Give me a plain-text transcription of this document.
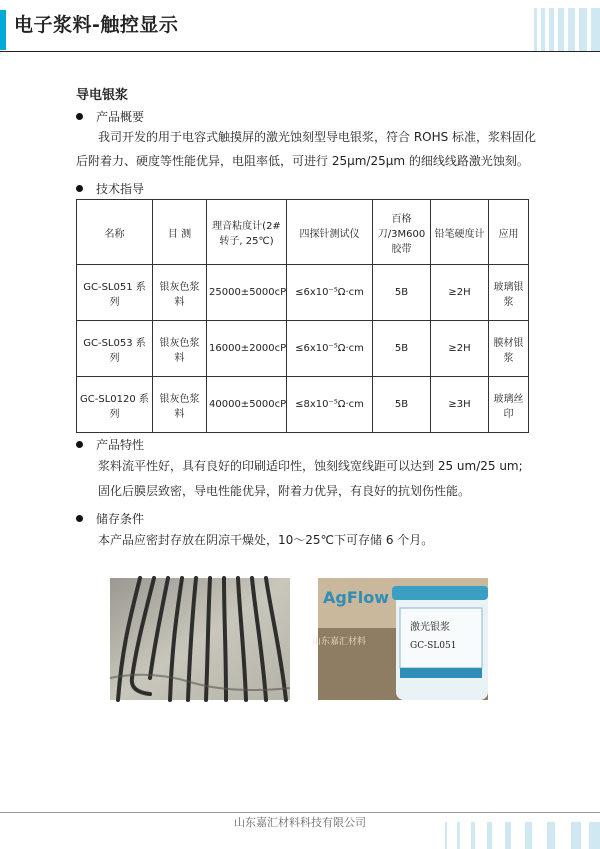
电子浆料-触控显示
导电银浆
产品概要
我司开发的用于电容式触摸屏的激光蚀刻型导电银浆，符合 ROHS 标准，浆料固化
后附着力、硬度等性能优异，电阻率低，可进行 25μm/25μm 的细线线路激光蚀刻。
技术指导
名称	目 测	理音粘度计(2#转子, 25℃)	四探针测试仪	百格刀/3M600 胶带	铅笔硬度计	应用
GC-SL051 系列	银灰色浆料	25000±5000cP	≤6x10⁻⁵Ω·cm	5B	≥2H	玻璃银浆
GC-SL053 系列	银灰色浆料	16000±2000cP	≤6x10⁻⁵Ω·cm	5B	≥2H	膜材银浆
GC-SL0120 系列	银灰色浆料	40000±5000cP	≤8x10⁻⁵Ω·cm	5B	≥3H	玻璃丝印
产品特性
浆料流平性好，具有良好的印刷适印性，蚀刻线宽线距可以达到 25 um/25 um;
固化后膜层致密，导电性能优异，附着力优异，有良好的抗划伤性能。
储存条件
本产品应密封存放在阴凉干燥处，10～25℃下可存储 6 个月。
AgFlow
山东嘉汇材料
激光银浆
GC-SL051
山东嘉汇材料科技有限公司
